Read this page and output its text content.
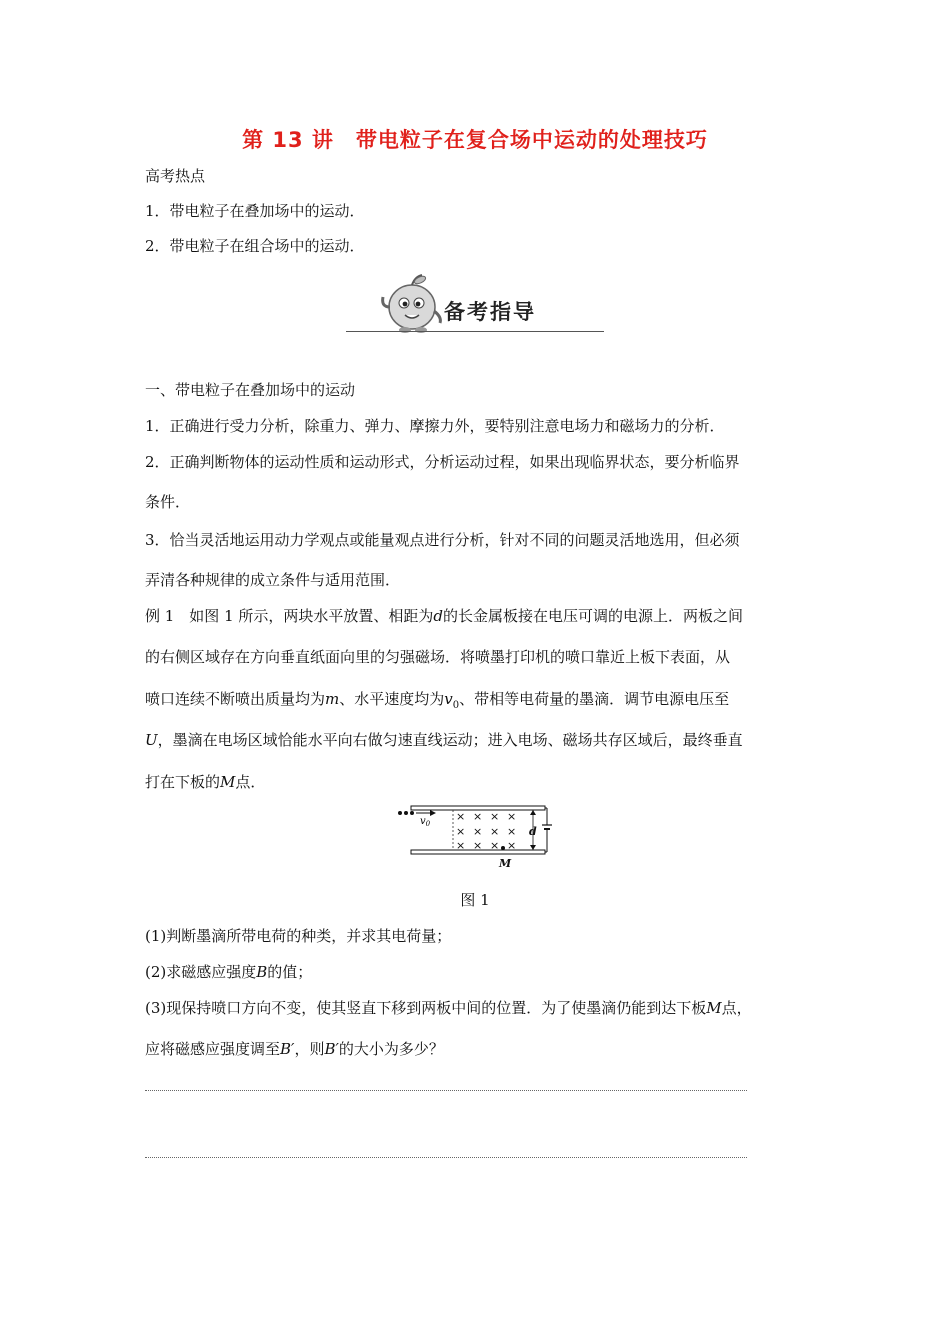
第 13 讲　带电粒子在复合场中运动的处理技巧
高考热点
1．带电粒子在叠加场中的运动．
2．带电粒子在组合场中的运动．
备考指导
一、带电粒子在叠加场中的运动
1．正确进行受力分析，除重力、弹力、摩擦力外，要特别注意电场力和磁场力的分析．
2．正确判断物体的运动性质和运动形式，分析运动过程，如果出现临界状态，要分析临界
条件．
3．恰当灵活地运用动力学观点或能量观点进行分析，针对不同的问题灵活地选用，但必须
弄清各种规律的成立条件与适用范围．
例 1　如图 1 所示，两块水平放置、相距为d的长金属板接在电压可调的电源上．两板之间
的右侧区域存在方向垂直纸面向里的匀强磁场．将喷墨打印机的喷口靠近上板下表面，从
喷口连续不断喷出质量均为m、水平速度均为$v_0$、带相等电荷量的墨滴．调节电源电压至
U，墨滴在电场区域恰能水平向右做匀速直线运动；进入电场、磁场共存区域后，最终垂直
打在下板的M点．
$v_0$
× × × ×
× × × ×
× × × ×
d
M
图 1
(1)判断墨滴所带电荷的种类，并求其电荷量；
(2)求磁感应强度B的值；
(3)现保持喷口方向不变，使其竖直下移到两板中间的位置．为了使墨滴仍能到达下板M点，
应将磁感应强度调至B′，则B′的大小为多少？
